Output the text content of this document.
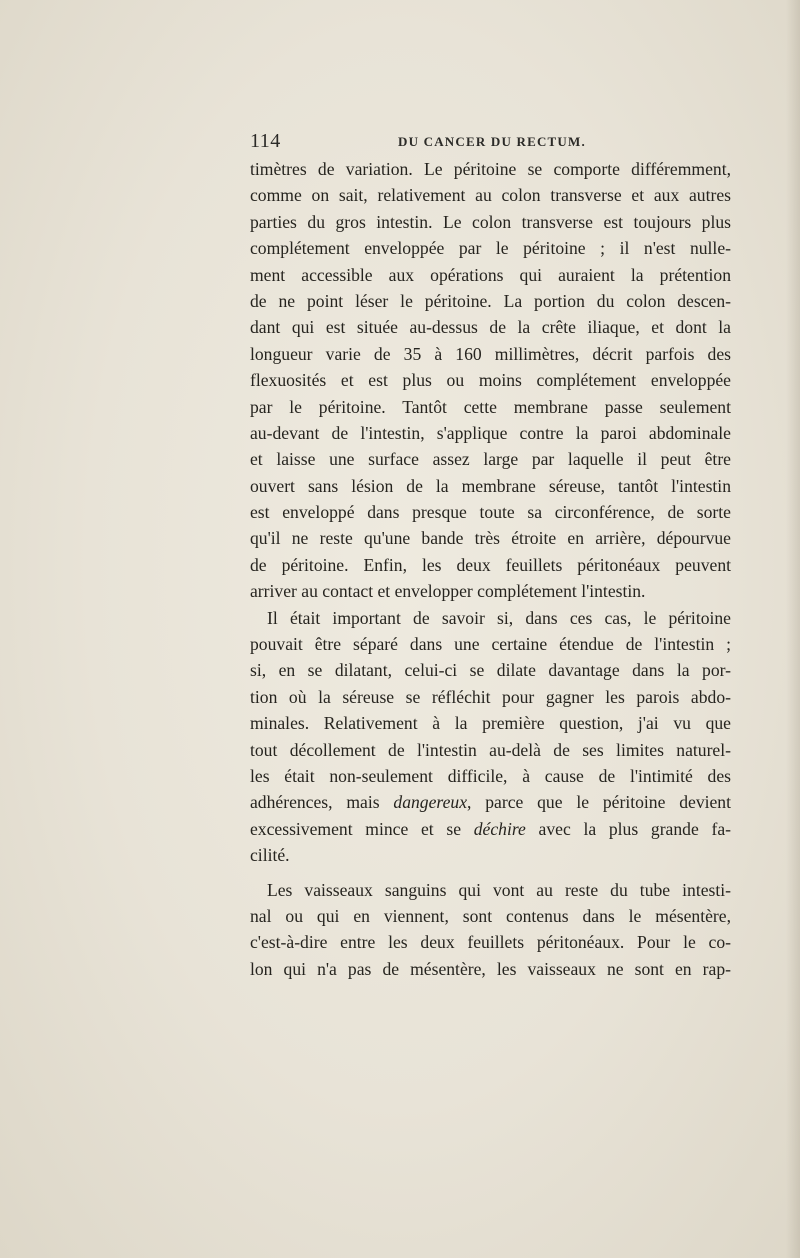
114	DU CANCER DU RECTUM.
timètres de variation. Le péritoine se comporte différemment,
comme on sait, relativement au colon transverse et aux autres
parties du gros intestin. Le colon transverse est toujours plus
complétement enveloppée par le péritoine ; il n'est nulle-
ment accessible aux opérations qui auraient la prétention
de ne point léser le péritoine. La portion du colon descen-
dant qui est située au-dessus de la crête iliaque, et dont la
longueur varie de 35 à 160 millimètres, décrit parfois des
flexuosités et est plus ou moins complétement enveloppée
par le péritoine. Tantôt cette membrane passe seulement
au-devant de l'intestin, s'applique contre la paroi abdominale
et laisse une surface assez large par laquelle il peut être
ouvert sans lésion de la membrane séreuse, tantôt l'intestin
est enveloppé dans presque toute sa circonférence, de sorte
qu'il ne reste qu'une bande très étroite en arrière, dépourvue
de péritoine. Enfin, les deux feuillets péritonéaux peuvent
arriver au contact et envelopper complétement l'intestin.
Il était important de savoir si, dans ces cas, le péritoine
pouvait être séparé dans une certaine étendue de l'intestin ;
si, en se dilatant, celui-ci se dilate davantage dans la por-
tion où la séreuse se réfléchit pour gagner les parois abdo-
minales. Relativement à la première question, j'ai vu que
tout décollement de l'intestin au-delà de ses limites naturel-
les était non-seulement difficile, à cause de l'intimité des
adhérences, mais dangereux, parce que le péritoine devient
excessivement mince et se déchire avec la plus grande fa-
cilité.
Les vaisseaux sanguins qui vont au reste du tube intesti-
nal ou qui en viennent, sont contenus dans le mésentère,
c'est-à-dire entre les deux feuillets péritonéaux. Pour le co-
lon qui n'a pas de mésentère, les vaisseaux ne sont en rap-
